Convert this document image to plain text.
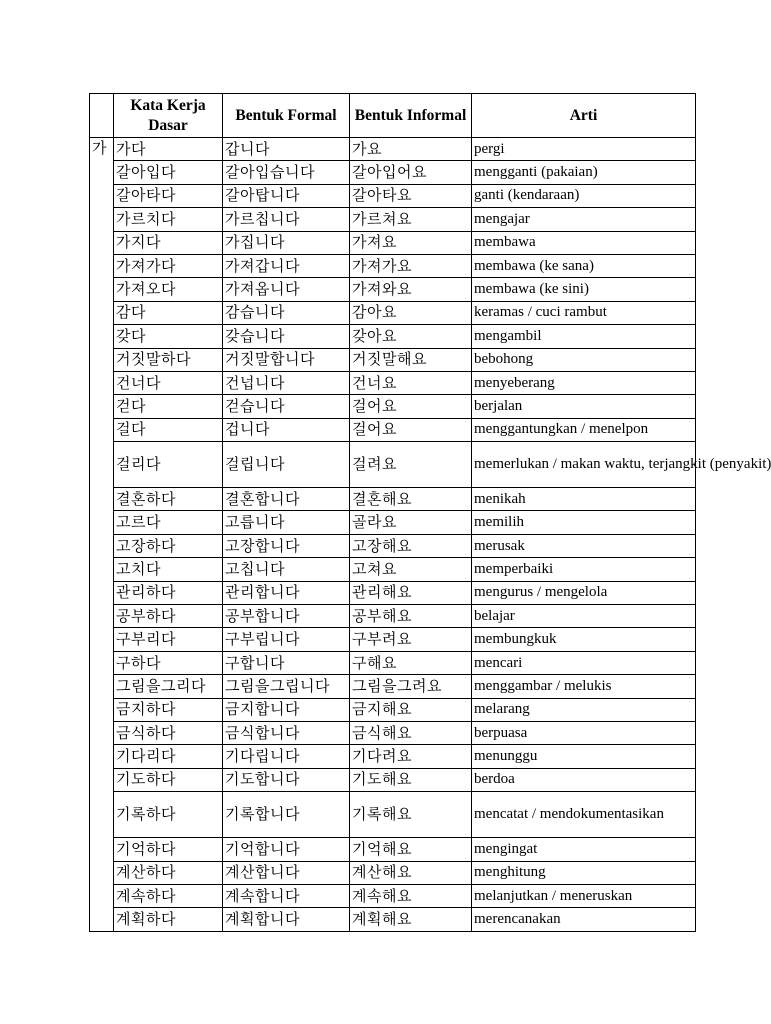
	Kata Kerja Dasar	Bentuk Formal	Bentuk Informal	Arti
가	가다	갑니다	가요	pergi
	갈아입다	갈아입습니다	갈아입어요	mengganti (pakaian)
	갈아타다	갈아탑니다	갈아타요	ganti (kendaraan)
	가르치다	가르칩니다	가르쳐요	mengajar
	가지다	가집니다	가져요	membawa
	가져가다	가져갑니다	가져가요	membawa (ke sana)
	가져오다	가져옵니다	가져와요	membawa (ke sini)
	감다	감습니다	감아요	keramas / cuci rambut
	갖다	갖습니다	갖아요	mengambil
	거짓말하다	거짓말합니다	거짓말해요	bebohong
	건너다	건넙니다	건너요	menyeberang
	걷다	걷습니다	걸어요	berjalan
	걸다	겁니다	걸어요	menggantungkan / menelpon
	걸리다	걸립니다	걸려요	memerlukan / makan waktu, terjangkit (penyakit)
	결혼하다	결혼합니다	결혼해요	menikah
	고르다	고릅니다	골라요	memilih
	고장하다	고장합니다	고장해요	merusak
	고치다	고칩니다	고쳐요	memperbaiki
	관리하다	관리합니다	관리해요	mengurus / mengelola
	공부하다	공부합니다	공부해요	belajar
	구부리다	구부립니다	구부려요	membungkuk
	구하다	구합니다	구해요	mencari
	그림을그리다	그림을그립니다	그림을그려요	menggambar / melukis
	금지하다	금지합니다	금지해요	melarang
	금식하다	금식합니다	금식해요	berpuasa
	기다리다	기다립니다	기다려요	menunggu
	기도하다	기도합니다	기도해요	berdoa
	기록하다	기록합니다	기록해요	mencatat / mendokumentasikan
	기억하다	기억합니다	기억해요	mengingat
	계산하다	계산합니다	계산해요	menghitung
	계속하다	계속합니다	계속해요	melanjutkan / meneruskan
	계획하다	계획합니다	계획해요	merencanakan
